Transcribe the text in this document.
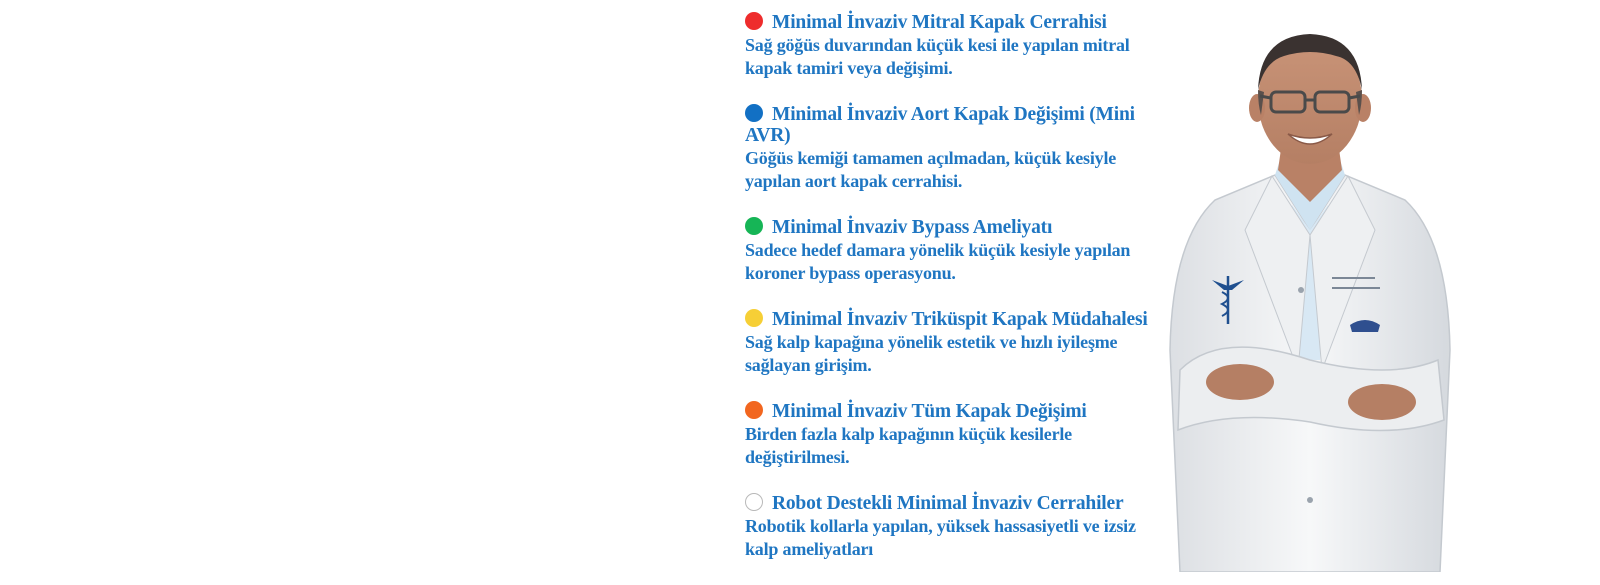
Minimal İnvaziv Mitral Kapak Cerrahisi
Sağ göğüs duvarından küçük kesi ile yapılan mitral kapak tamiri veya değişimi.
Minimal İnvaziv Aort Kapak Değişimi (Mini AVR)
Göğüs kemiği tamamen açılmadan, küçük kesiyle yapılan aort kapak cerrahisi.
Minimal İnvaziv Bypass Ameliyatı
Sadece hedef damara yönelik küçük kesiyle yapılan koroner bypass operasyonu.
Minimal İnvaziv Triküspit Kapak Müdahalesi
Sağ kalp kapağına yönelik estetik ve hızlı iyileşme sağlayan girişim.
Minimal İnvaziv Tüm Kapak Değişimi
Birden fazla kalp kapağının küçük kesilerle değiştirilmesi.
Robot Destekli Minimal İnvaziv Cerrahiler
Robotik kollarla yapılan, yüksek hassasiyetli ve izsiz kalp ameliyatları
